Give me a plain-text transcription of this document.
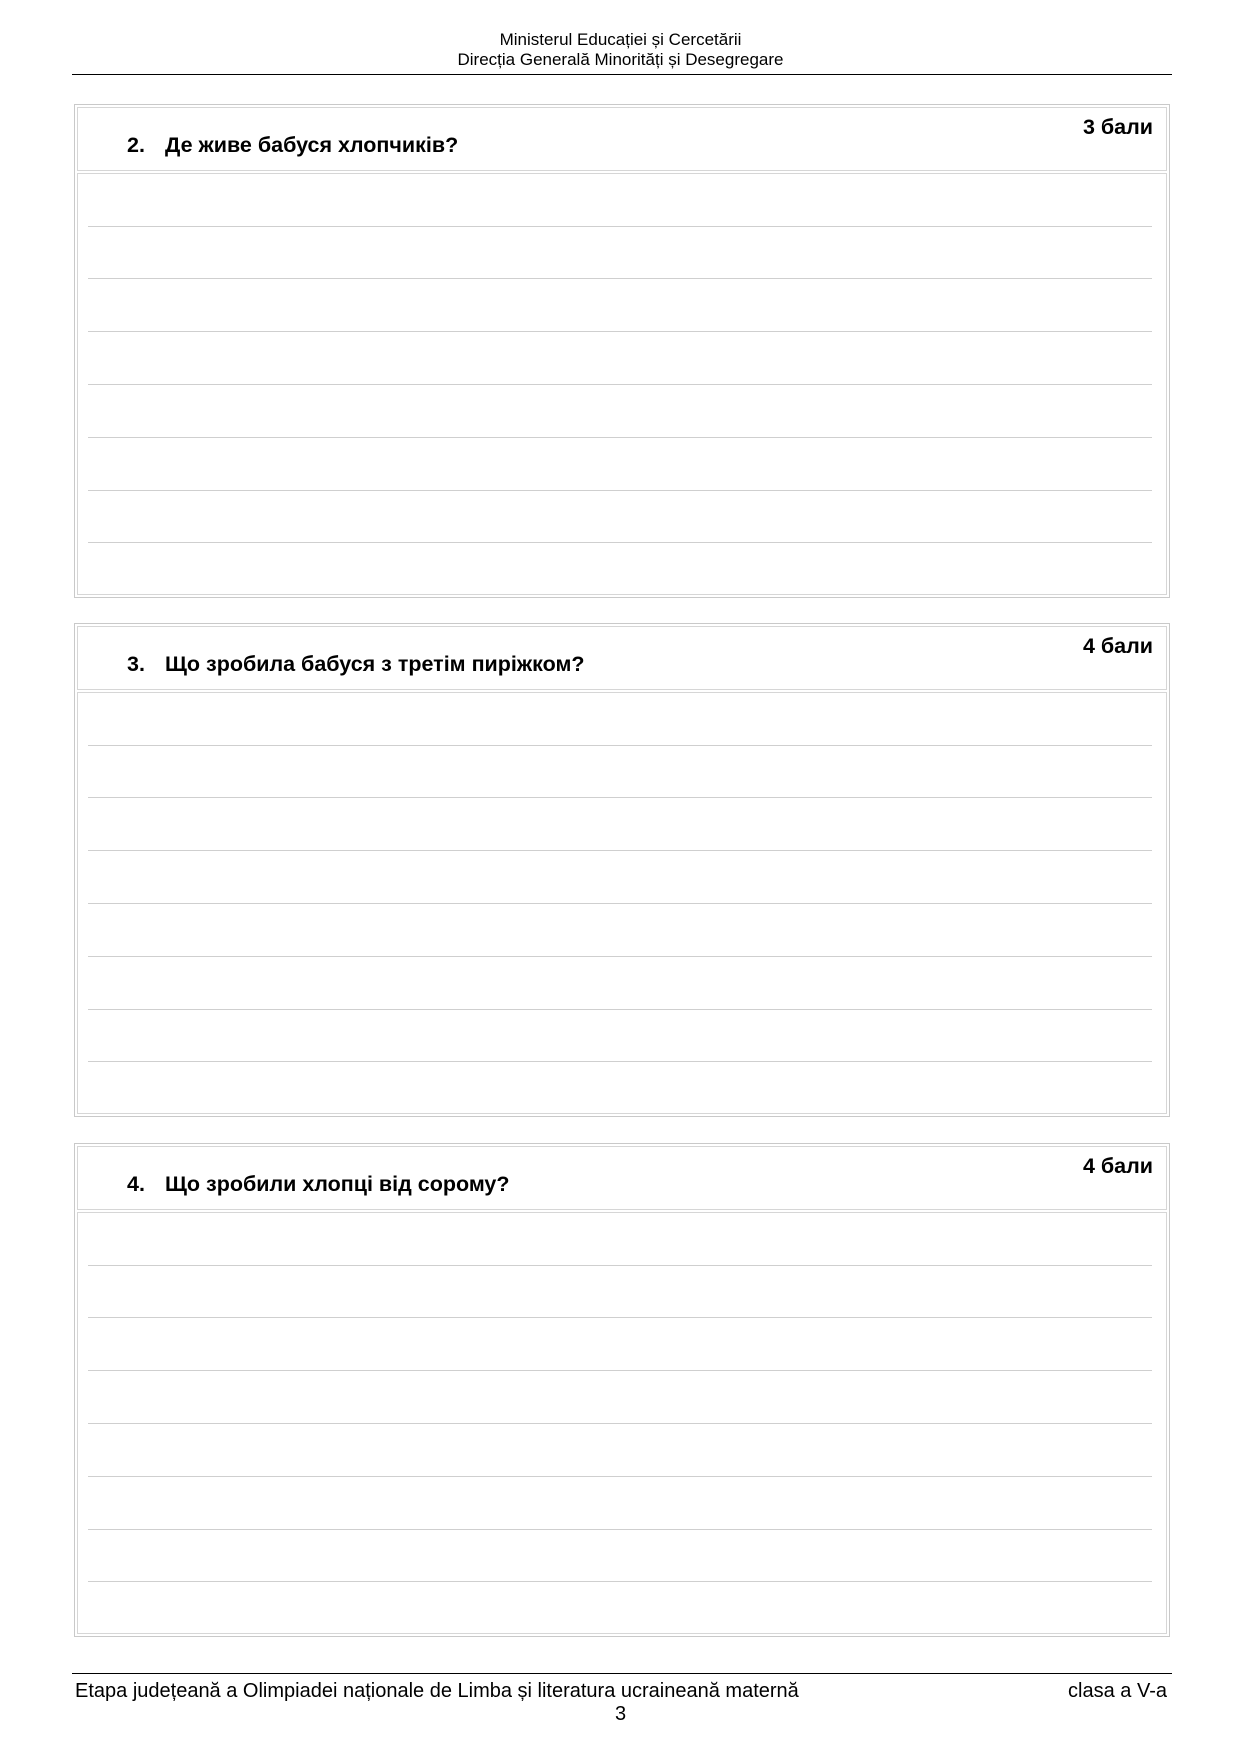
Ministerul Educației și Cercetării
Direcția Generală Minorități și Desegregare
2. Де живе бабуся хлопчиків?
3 бали
3. Що зробила бабуся з третім пиріжком?
4 бали
4. Що зробили хлопці від сорому?
4 бали
Etapa județeană a Olimpiadei naționale de Limba și literatura ucraineană maternă	clasa a V-a
3
